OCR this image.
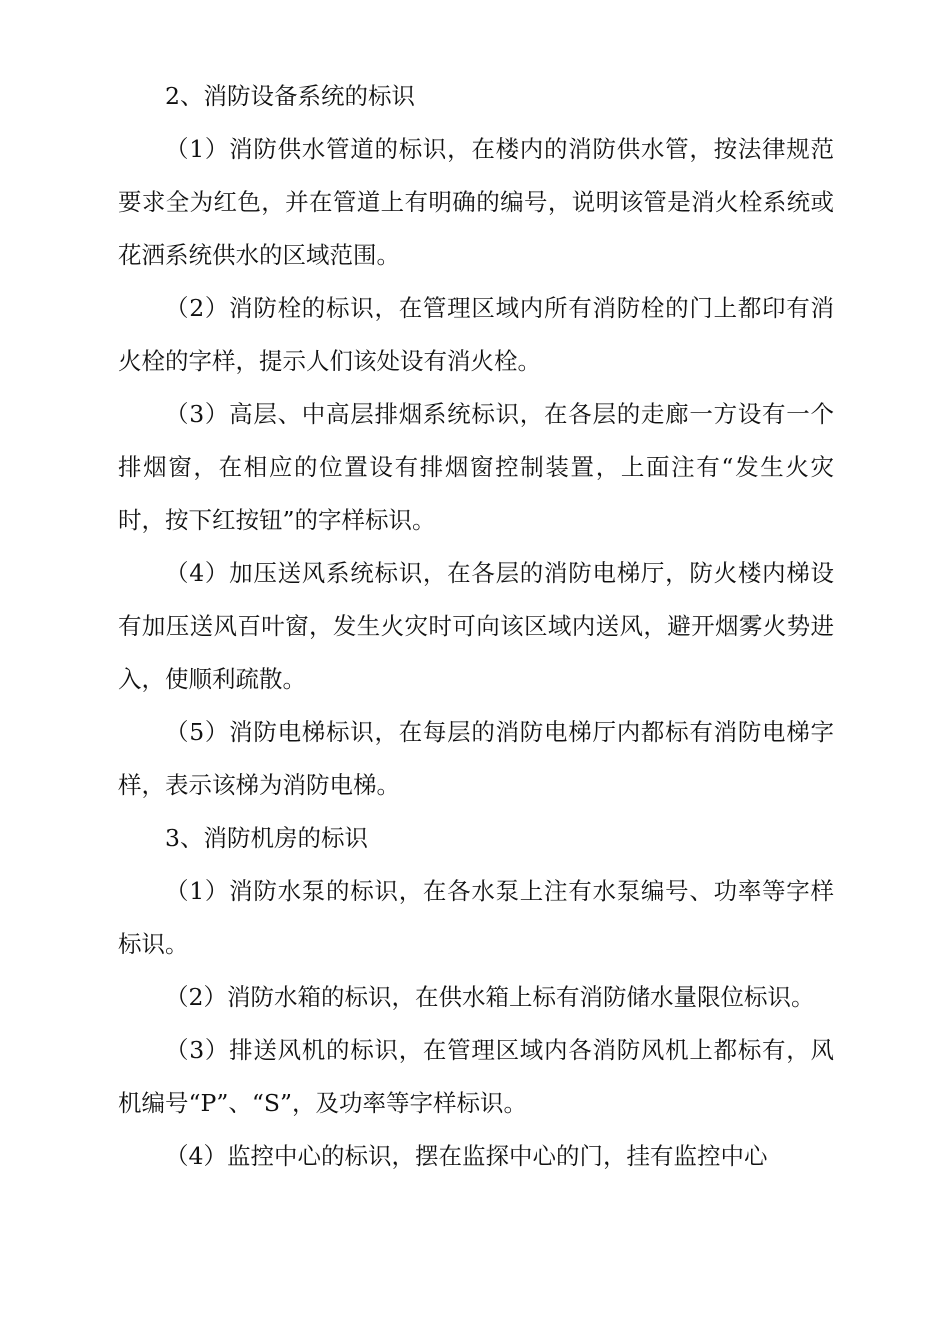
2、消防设备系统的标识

（1）消防供水管道的标识，在楼内的消防供水管，按法律规范要求全为红色，并在管道上有明确的编号，说明该管是消火栓系统或花洒系统供水的区域范围。

（2）消防栓的标识，在管理区域内所有消防栓的门上都印有消火栓的字样，提示人们该处设有消火栓。

（3）高层、中高层排烟系统标识，在各层的走廊一方设有一个排烟窗，在相应的位置设有排烟窗控制装置，上面注有“发生火灾时，按下红按钮”的字样标识。

（4）加压送风系统标识，在各层的消防电梯厅，防火楼内梯设有加压送风百叶窗，发生火灾时可向该区域内送风，避开烟雾火势进入，使顺利疏散。

（5）消防电梯标识，在每层的消防电梯厅内都标有消防电梯字样，表示该梯为消防电梯。

3、消防机房的标识

（1）消防水泵的标识，在各水泵上注有水泵编号、功率等字样标识。

（2）消防水箱的标识，在供水箱上标有消防储水量限位标识。

（3）排送风机的标识，在管理区域内各消防风机上都标有，风机编号“P”、“S”，及功率等字样标识。

（4）监控中心的标识，摆在监探中心的门，挂有监控中心
